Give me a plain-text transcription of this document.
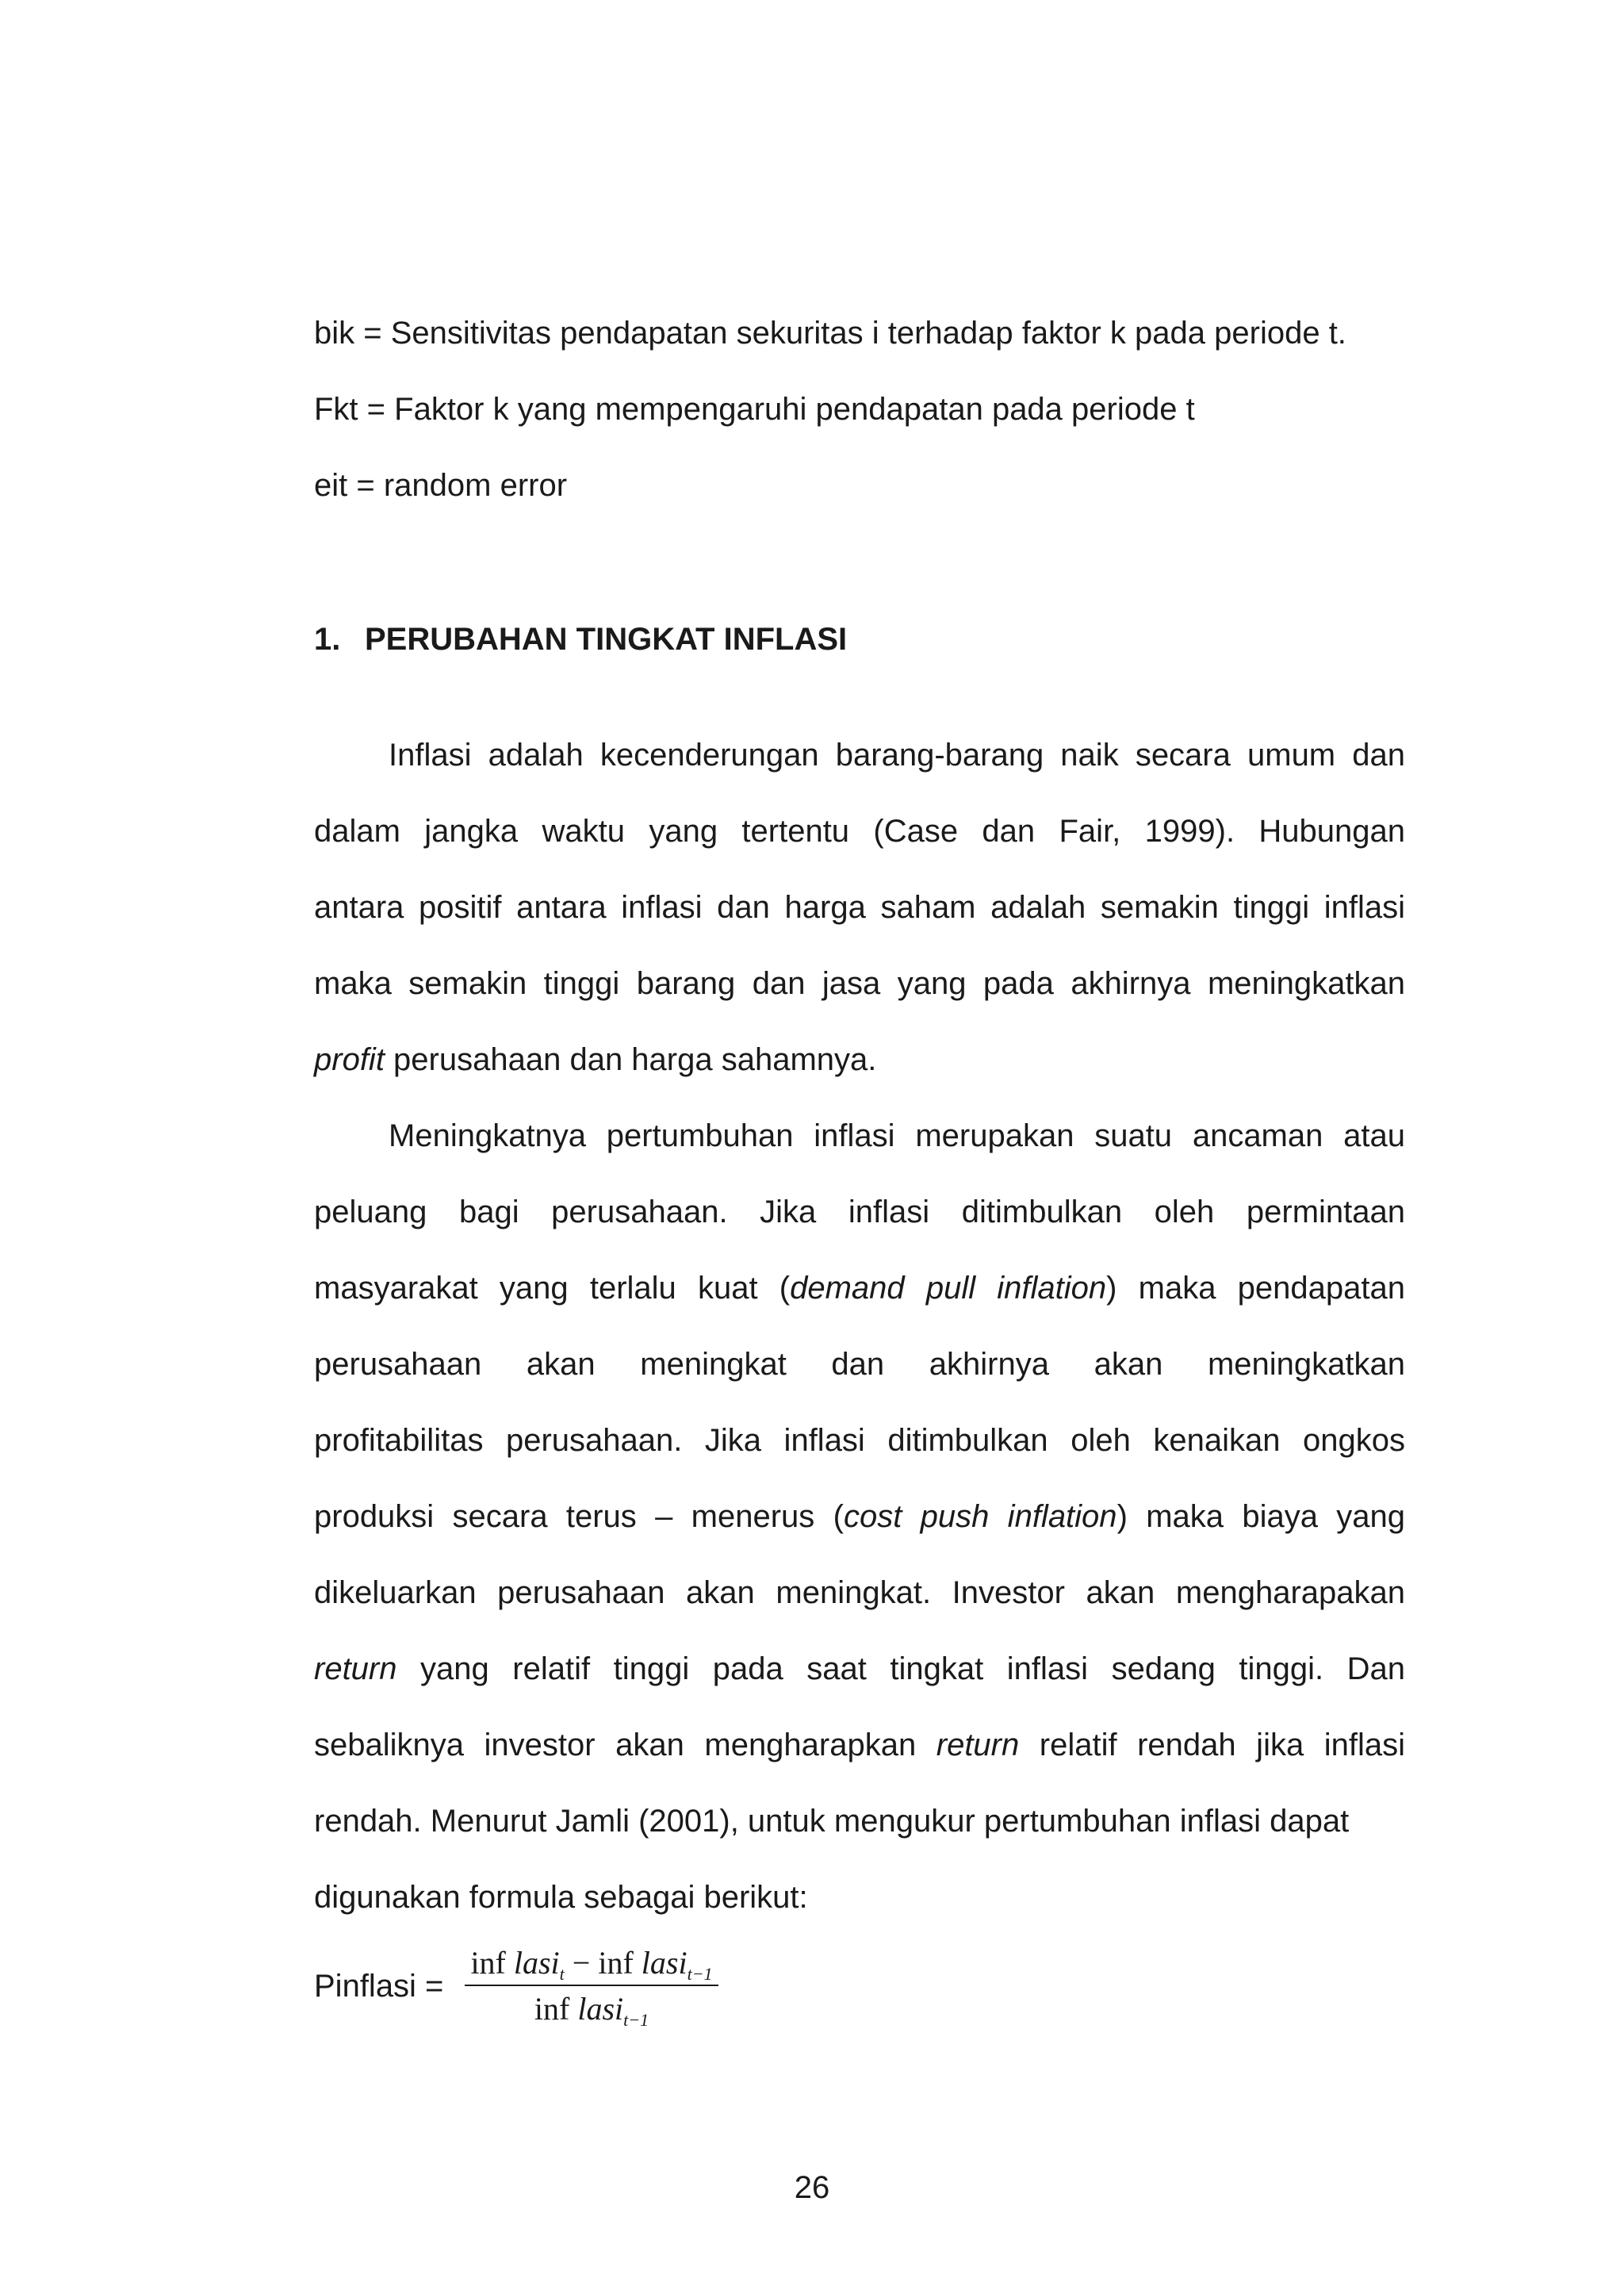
bik = Sensitivitas pendapatan sekuritas i terhadap faktor k pada periode t.
Fkt = Faktor k yang mempengaruhi pendapatan pada periode t
eit = random error
1. PERUBAHAN TINGKAT INFLASI
Inflasi adalah kecenderungan barang-barang naik secara umum dan
dalam jangka waktu yang tertentu (Case dan Fair, 1999). Hubungan
antara positif antara inflasi dan harga saham adalah semakin tinggi inflasi
maka semakin tinggi barang dan jasa yang pada akhirnya meningkatkan
profit perusahaan dan harga sahamnya.
Meningkatnya pertumbuhan inflasi merupakan suatu ancaman atau
peluang bagi perusahaan. Jika inflasi ditimbulkan oleh permintaan
masyarakat yang terlalu kuat (demand pull inflation) maka pendapatan
perusahaan akan meningkat dan akhirnya akan meningkatkan
profitabilitas perusahaan. Jika inflasi ditimbulkan oleh kenaikan ongkos
produksi secara terus – menerus (cost push inflation) maka biaya yang
dikeluarkan perusahaan akan meningkat. Investor akan mengharapakan
return yang relatif tinggi pada saat tingkat inflasi sedang tinggi. Dan
sebaliknya investor akan mengharapkan return relatif rendah jika inflasi
rendah. Menurut Jamli (2001), untuk mengukur pertumbuhan inflasi dapat
digunakan formula sebagai berikut:
Pinflasi =
inf lasi$_t$ − inf lasi$_{t-1}$
inf lasi$_{t-1}$
26
